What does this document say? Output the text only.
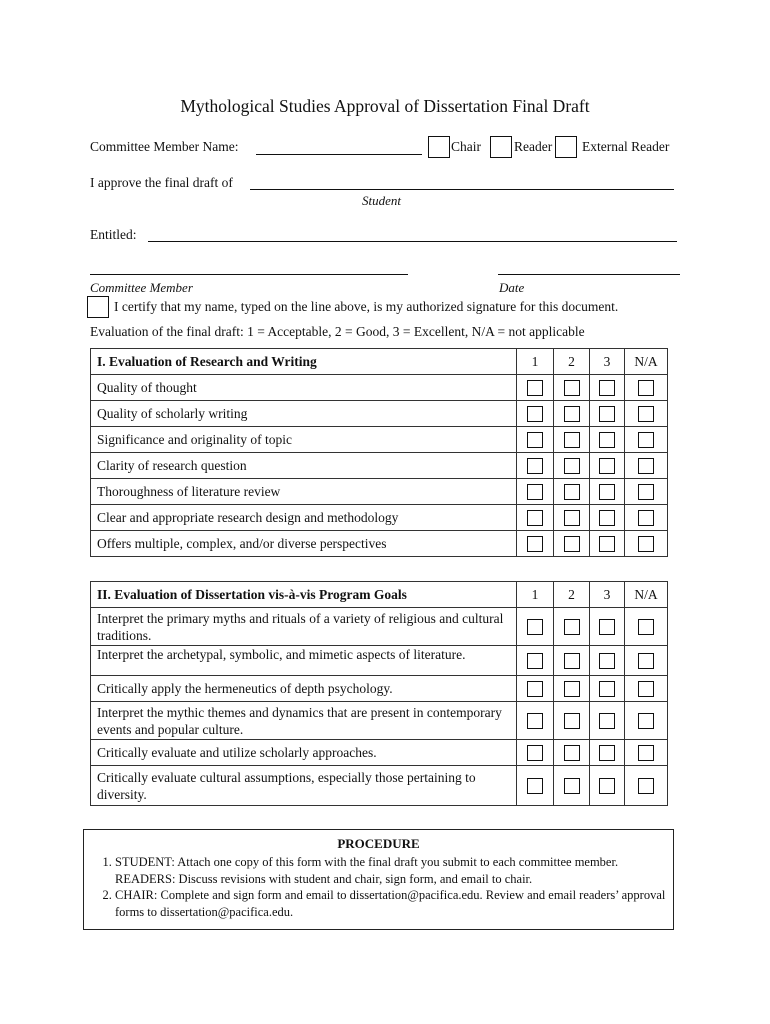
Mythological Studies Approval of Dissertation Final Draft
Committee Member Name:	Chair Reader External Reader
I approve the final draft of
Student
Entitled:
Committee Member	Date
I certify that my name, typed on the line above, is my authorized signature for this document.
Evaluation of the final draft: 1 = Acceptable, 2 = Good, 3 = Excellent, N/A = not applicable
I. Evaluation of Research and Writing	1	2	3	N/A
Quality of thought				
Quality of scholarly writing				
Significance and originality of topic				
Clarity of research question				
Thoroughness of literature review				
Clear and appropriate research design and methodology				
Offers multiple, complex, and/or diverse perspectives				
II. Evaluation of Dissertation vis-à-vis Program Goals	1	2	3	N/A
Interpret the primary myths and rituals of a variety of religious and cultural traditions.				
Interpret the archetypal, symbolic, and mimetic aspects of literature.				
Critically apply the hermeneutics of depth psychology.				
Interpret the mythic themes and dynamics that are present in contemporary events and popular culture.				
Critically evaluate and utilize scholarly approaches.				
Critically evaluate cultural assumptions, especially those pertaining to diversity.				
PROCEDURE
1. STUDENT: Attach one copy of this form with the final draft you submit to each committee member. READERS: Discuss revisions with student and chair, sign form, and email to chair.
2. CHAIR: Complete and sign form and email to dissertation@pacifica.edu. Review and email readers’ approval forms to dissertation@pacifica.edu.
